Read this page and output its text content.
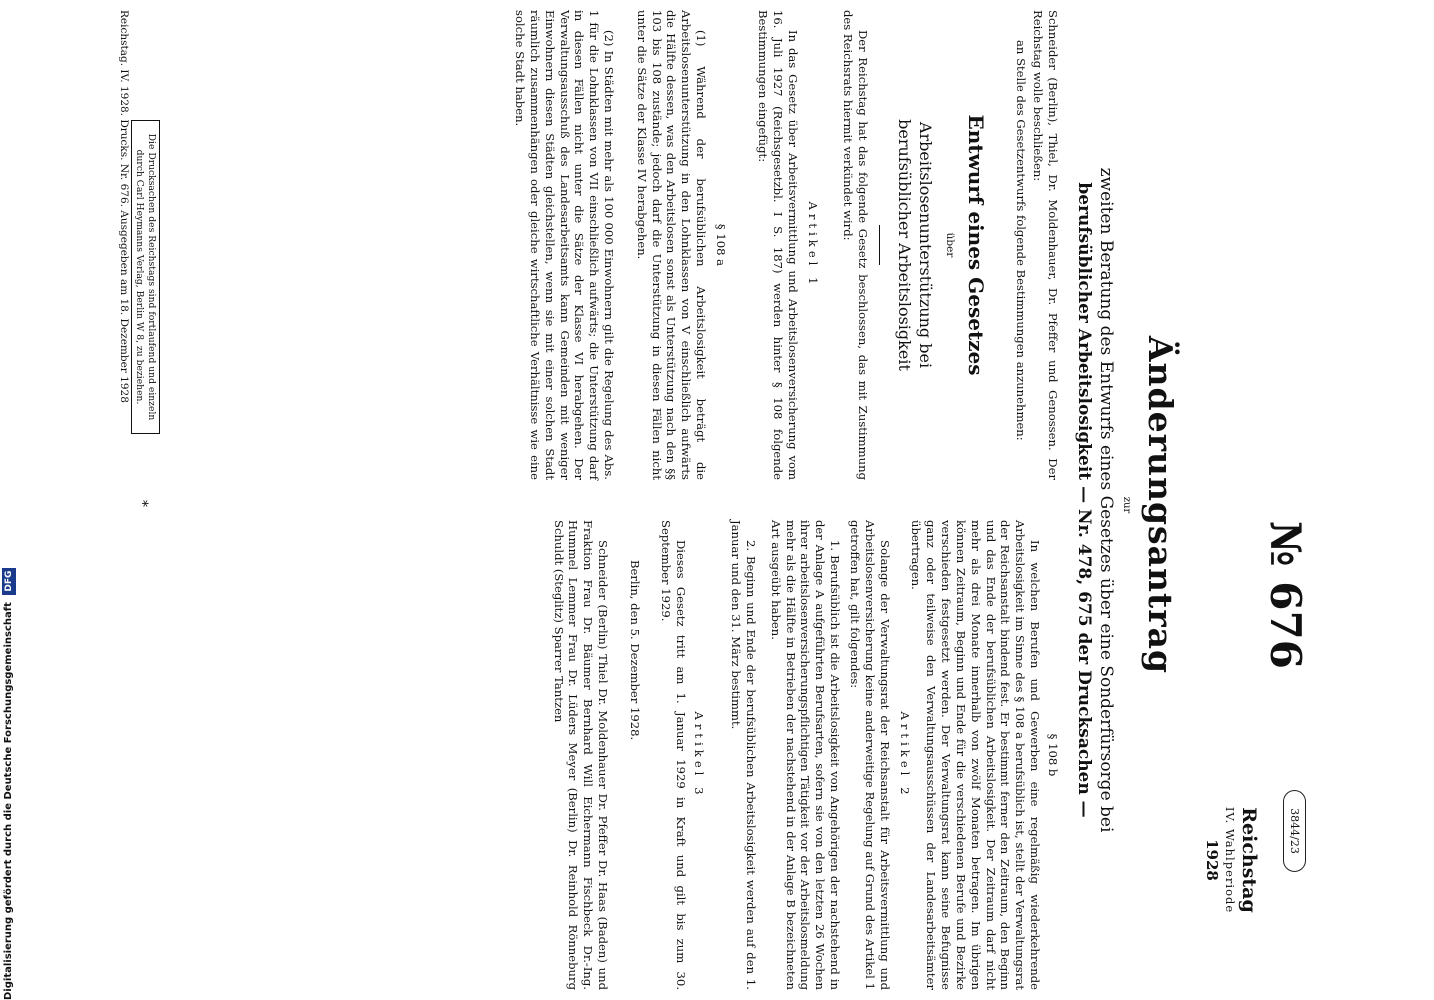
№ 676
3844/23
Reichstag
IV. Wahlperiode
1928
Änderungsantrag
zur
zweiten Beratung des Entwurfs eines Gesetzes über eine Sonderfürsorge bei
berufsüblicher Arbeitslosigkeit — Nr. 478, 675 der Drucksachen —
Schneider (Berlin), Thiel, Dr. Moldenhauer, Dr. Pfeffer und Genossen. Der Reichstag wolle beschließen:
an Stelle des Gesetzentwurfs folgende Bestimmungen anzunehmen:
Entwurf eines Gesetzes
über
Arbeitslosenunterstützung bei berufsüblicher Arbeitslosigkeit
Der Reichstag hat das folgende Gesetz beschlossen, das mit Zustimmung des Reichsrats hiermit verkündet wird:
Artikel 1
In das Gesetz über Arbeitsvermittlung und Arbeitslosenversicherung vom 16. Juli 1927 (Reichsgesetzbl. I S. 187) werden hinter § 108 folgende Bestimmungen eingefügt:
§ 108 a
(1) Während der berufsüblichen Arbeitslosigkeit beträgt die Arbeitslosenunterstützung in den Lohnklassen von V einschließlich aufwärts die Hälfte dessen, was den Arbeitslosen sonst als Unterstützung nach den §§ 103 bis 108 zustände; jedoch darf die Unterstützung in diesen Fällen nicht unter die Sätze der Klasse IV herabgehen.
(2) In Städten mit mehr als 100 000 Einwohnern gilt die Regelung des Abs. 1 für die Lohnklassen von VII einschließlich aufwärts; die Unterstützung darf in diesen Fällen nicht unter die Sätze der Klasse VI herabgehen. Der Verwaltungsausschuß des Landesarbeitsamts kann Gemeinden mit weniger Einwohnern diesen Städten gleichstellen, wenn sie mit einer solchen Stadt räumlich zusammenhängen oder gleiche wirtschaftliche Verhältnisse wie eine solche Stadt haben.
§ 108 b
In welchen Berufen und Gewerben eine regelmäßig wiederkehrende Arbeitslosigkeit im Sinne des § 108 a berufsüblich ist, stellt der Verwaltungsrat der Reichsanstalt bindend fest. Er bestimmt ferner den Zeitraum, den Beginn und das Ende der berufsüblichen Arbeitslosigkeit. Der Zeitraum darf nicht mehr als drei Monate innerhalb von zwölf Monaten betragen. Im übrigen können Zeitraum, Beginn und Ende für die verschiedenen Berufe und Bezirke verschieden festgesetzt werden. Der Verwaltungsrat kann seine Befugnisse ganz oder teilweise den Verwaltungsausschüssen der Landesarbeitsämter übertragen.
Artikel 2
Solange der Verwaltungsrat der Reichsanstalt für Arbeitsvermittlung und Arbeitslosenversicherung keine anderweitige Regelung auf Grund des Artikel 1 getroffen hat, gilt folgendes:
1. Berufsüblich ist die Arbeitslosigkeit von Angehörigen der nachstehend in der Anlage A aufgeführten Berufsarten, sofern sie von den letzten 26 Wochen ihrer arbeitslosenversicherungspflichtigen Tätigkeit vor der Arbeitslosmeldung mehr als die Hälfte in Betrieben der nachstehend in der Anlage B bezeichneten Art ausgeübt haben.
2. Beginn und Ende der berufsüblichen Arbeitslosigkeit werden auf den 1. Januar und den 31. März bestimmt.
Artikel 3
Dieses Gesetz tritt am 1. Januar 1929 in Kraft und gilt bis zum 30. September 1929.
Berlin, den 5. Dezember 1928.
Schneider (Berlin) Thiel Dr. Moldenhauer Dr. Pfeffer Dr. Haas (Baden) und Fraktion Frau Dr. Bäumer Bernhard Will Eichermann Fischbeck Dr.-Ing. Hummel Lemmer Frau Dr. Lüders Meyer (Berlin) Dr. Reinhold Rönneburg Schuldt (Steglitz) Sparrer Tantzen
Die Drucksachen des Reichstags sind fortlaufend und einzeln durch Carl Heymanns Verlag, Berlin W 8, zu beziehen.
Reichstag. IV. 1928. Drucks. Nr. 676. Ausgegeben am 18. Dezember 1928
*
Digitalisierung gefördert durch die Deutsche Forschungsgemeinschaft DFG
